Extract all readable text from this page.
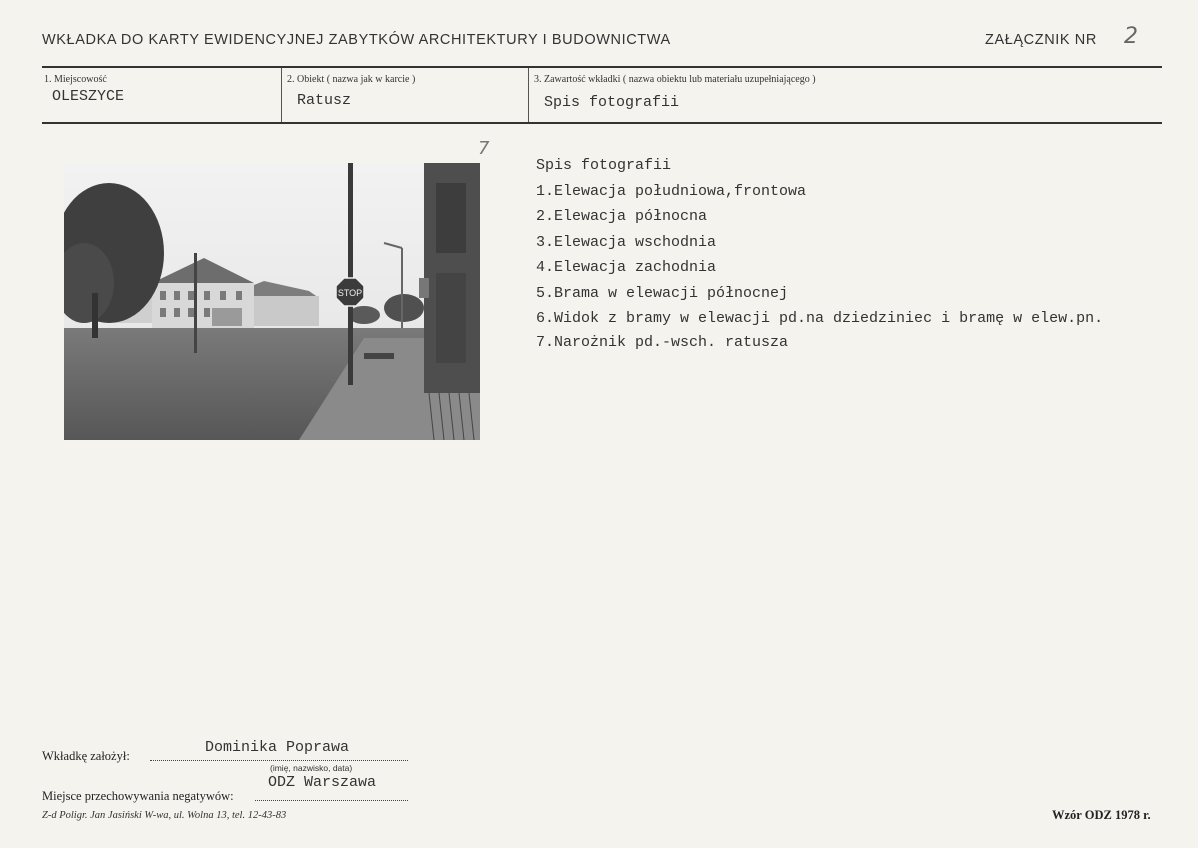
WKŁADKA DO KARTY EWIDENCYJNEJ ZABYTKÓW ARCHITEKTURY I BUDOWNICTWA	ZAŁĄCZNIK NR 2
1. Miejscowość
OLESZYCE
2. Obiekt ( nazwa jak w karcie )
Ratusz
3. Zawartość wkładki ( nazwa obiektu lub materiału uzupełniającego )
Spis fotografii
STOP
7
Spis fotografii
1.Elewacja południowa,frontowa
2.Elewacja północna
3.Elewacja wschodnia
4.Elewacja zachodnia
5.Brama w elewacji północnej
6.Widok z bramy w elewacji pd.na dziedziniec i bramę w elew.pn.
7.Narożnik pd.-wsch. ratusza
Wkładkę założył:	Dominika Poprawa
(imię, nazwisko, data)
ODZ Warszawa
Miejsce przechowywania negatywów:
Z-d Poligr. Jan Jasiński W-wa, ul. Wolna 13, tel. 12-43-83	Wzór ODZ 1978 r.
